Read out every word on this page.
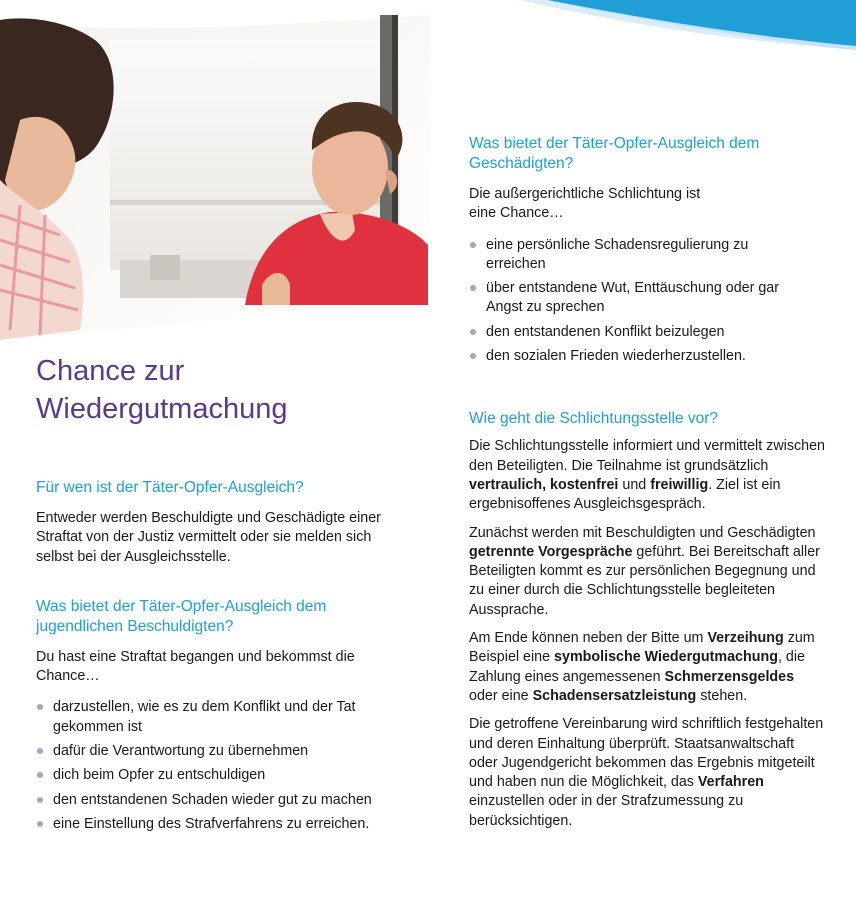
Chance zur Wiedergutmachung
Für wen ist der Täter-Opfer-Ausgleich?

Entweder werden Beschuldigte und Geschädigte einer Straftat von der Justiz vermittelt oder sie melden sich selbst bei der Ausgleichsstelle.

Was bietet der Täter-Opfer-Ausgleich dem jugendlichen Beschuldigten?

Du hast eine Straftat begangen und bekommst die Chance…

darzustellen, wie es zu dem Konflikt und der Tat gekommen ist
dafür die Verantwortung zu übernehmen
dich beim Opfer zu entschuldigen
den entstandenen Schaden wieder gut zu machen
eine Einstellung des Strafverfahrens zu erreichen.
Was bietet der Täter-Opfer-Ausgleich dem Geschädigten?

Die außergerichtliche Schlichtung ist eine Chance…

eine persönliche Schadensregulierung zu erreichen
über entstandene Wut, Enttäuschung oder gar Angst zu sprechen
den entstandenen Konflikt beizulegen
den sozialen Frieden wiederherzustellen.
Wie geht die Schlichtungsstelle vor?

Die Schlichtungsstelle informiert und vermittelt zwischen den Beteiligten. Die Teilnahme ist grundsätzlich vertraulich, kostenfrei und freiwillig. Ziel ist ein ergebnisoffenes Ausgleichsgespräch.

Zunächst werden mit Beschuldigten und Geschädigten getrennte Vorgespräche geführt. Bei Bereitschaft aller Beteiligten kommt es zur persönlichen Begegnung und zu einer durch die Schlichtungsstelle begleiteten Aussprache.

Am Ende können neben der Bitte um Verzeihung zum Beispiel eine symbolische Wiedergutmachung, die Zahlung eines angemessenen Schmerzensgeldes oder eine Schadensersatzleistung stehen.

Die getroffene Vereinbarung wird schriftlich festgehalten und deren Einhaltung überprüft. Staatsanwaltschaft oder Jugendgericht bekommen das Ergebnis mitgeteilt und haben nun die Möglichkeit, das Verfahren einzustellen oder in der Strafzumessung zu berücksichtigen.
